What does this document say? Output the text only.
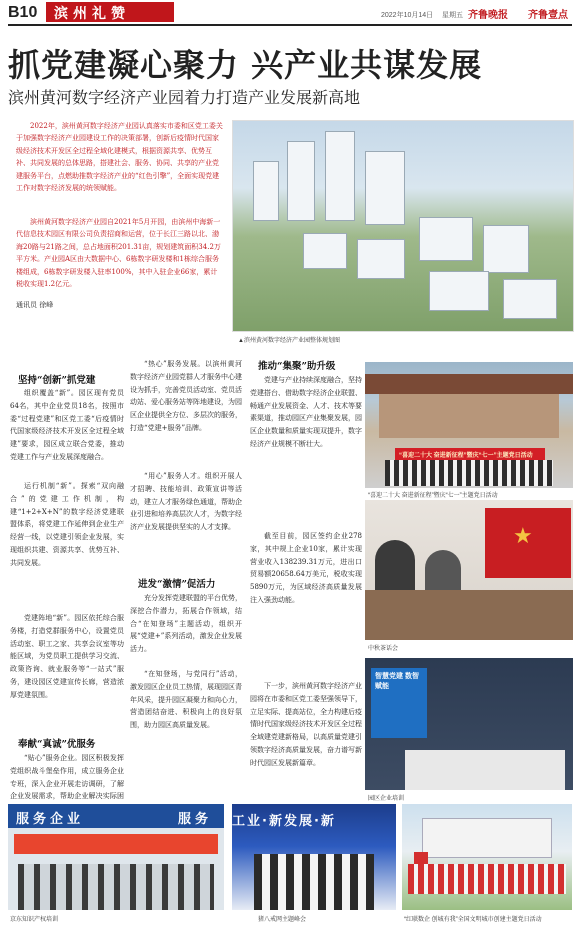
B10 滨州礼赞	2022年10月14日 星期五 齐鲁晚报 齐鲁壹点
抓党建凝心聚力 兴产业共谋发展
滨州黄河数字经济产业园着力打造产业发展新高地

2022年，滨州黄河数字经济产业园认真落实市委和区党工委关于加强数字经济产业园建设工作的决策部署，创新后疫情时代国家级经济技术开发区全过程全域化建模式，根据资源共享、优势互补、共同发展的总体思路，搭建社会、服务、协同、共享的产业党建服务平台，点燃助推数字经济产业的“红色引擎”，全面实现党建工作对数字经济发展的统领赋能。

滨州黄河数字经济产业园自2021年5月开园，由滨州中海新一代信息技术园区有限公司负责招商和运营，位于长江三路以北、渤海20路与21路之间，总占地面积201.31亩，规划建筑面积34.2万平方米。产业园A区由大数据中心、6栋数字研发楼和1栋综合服务楼组成，6栋数字研发楼入驻率100%，其中入驻企业66家，累计税收实现1.2亿元。

通讯员 徐峰
▲滨州黄河数字经济产业园整体规划图
坚持“创新”抓党建

组织覆盖“新”。园区现有党员64名，其中企业党员18名，按照市委“过程党建”和区党工委“后疫情时代国家级经济技术开发区全过程全域建”要求，园区成立联合党委，推动党建工作与产业发展深度融合。

运行机制“新”。探索“双向融合”的党建工作机制，构建“1+2+X+N”的数字经济党建联盟体系，将党建工作延伸到企业生产经营一线，以党建引领企业发展，实现组织共建、资源共享、优势互补、共同发展。

党建阵地“新”。园区依托综合服务楼，打造党群服务中心，设置党员活动室、职工之家、共享会议室等功能区域，为党员职工提供学习交流、政策咨询、就业服务等“一站式”服务，建设园区党建宣传长廊，营造浓厚党建氛围。

奉献“真诚”优服务

“贴心”服务企业。园区积极发挥党组织战斗堡垒作用，成立服务企业专班，深入企业开展走访调研，了解企业发展需求，帮助企业解决实际困

“热心”服务发展。以滨州黄河数字经济产业园党群人才服务中心建设为抓手，完善党员活动室、党员活动站、爱心服务站等阵地建设，为园区企业提供全方位、多层次的服务，打造“党建+服务”品牌。

“用心”服务人才。组织开展人才招聘、技能培训、政策宣讲等活动，建立人才服务绿色通道，帮助企业引进和培养高层次人才，为数字经济产业发展提供坚实的人才支撑。

进发“激情”促活力

充分发挥党建联盟的平台优势，深挖合作潜力，拓展合作领域，结合“在知登场”主题活动，组织开展“党建+”系列活动，激发企业发展活力。

“在知登场，与党同行”活动，激发园区企业员工热情，展现园区青年风采，提升园区凝聚力和向心力，营造团结奋进、积极向上的良好氛围，助力园区高质量发展。

推动“集聚”助升级

党建与产业持续深度融合，坚持党建搭台、借助数字经济企业联盟、畅通产业发展资金、人才、技术等要素渠道，推动园区产业集聚发展，园区企业数量和质量实现双提升，数字经济产业规模不断壮大。

截至目前，园区签约企业278家，其中规上企业10家，累计实现营业收入138239.31万元，进出口贸易额20658.64万美元，税收实现5890万元，为区域经济高质量发展注入强劲动能。

下一步，滨州黄河数字经济产业园将在市委和区党工委坚强领导下，立足实际、提高站位，全力构建后疫情时代国家级经济技术开发区全过程全域建党建新格局，以高质量党建引领数字经济高质量发展，奋力谱写新时代园区发展新篇章。

“喜迎二十大 奋进新征程”暨庆“七一”主题党日活动
“喜迎二十大 奋进新征程”暨庆“七一”主题党日活动
★
中秋茶话会
智慧党建 数智赋能
园区企业培训
服务企业	服务
京东知识产权培训
工业·新发展·新
猪八戒网主题峰会	“红联数企 创城有我”全国文明城市创建主题党日活动
